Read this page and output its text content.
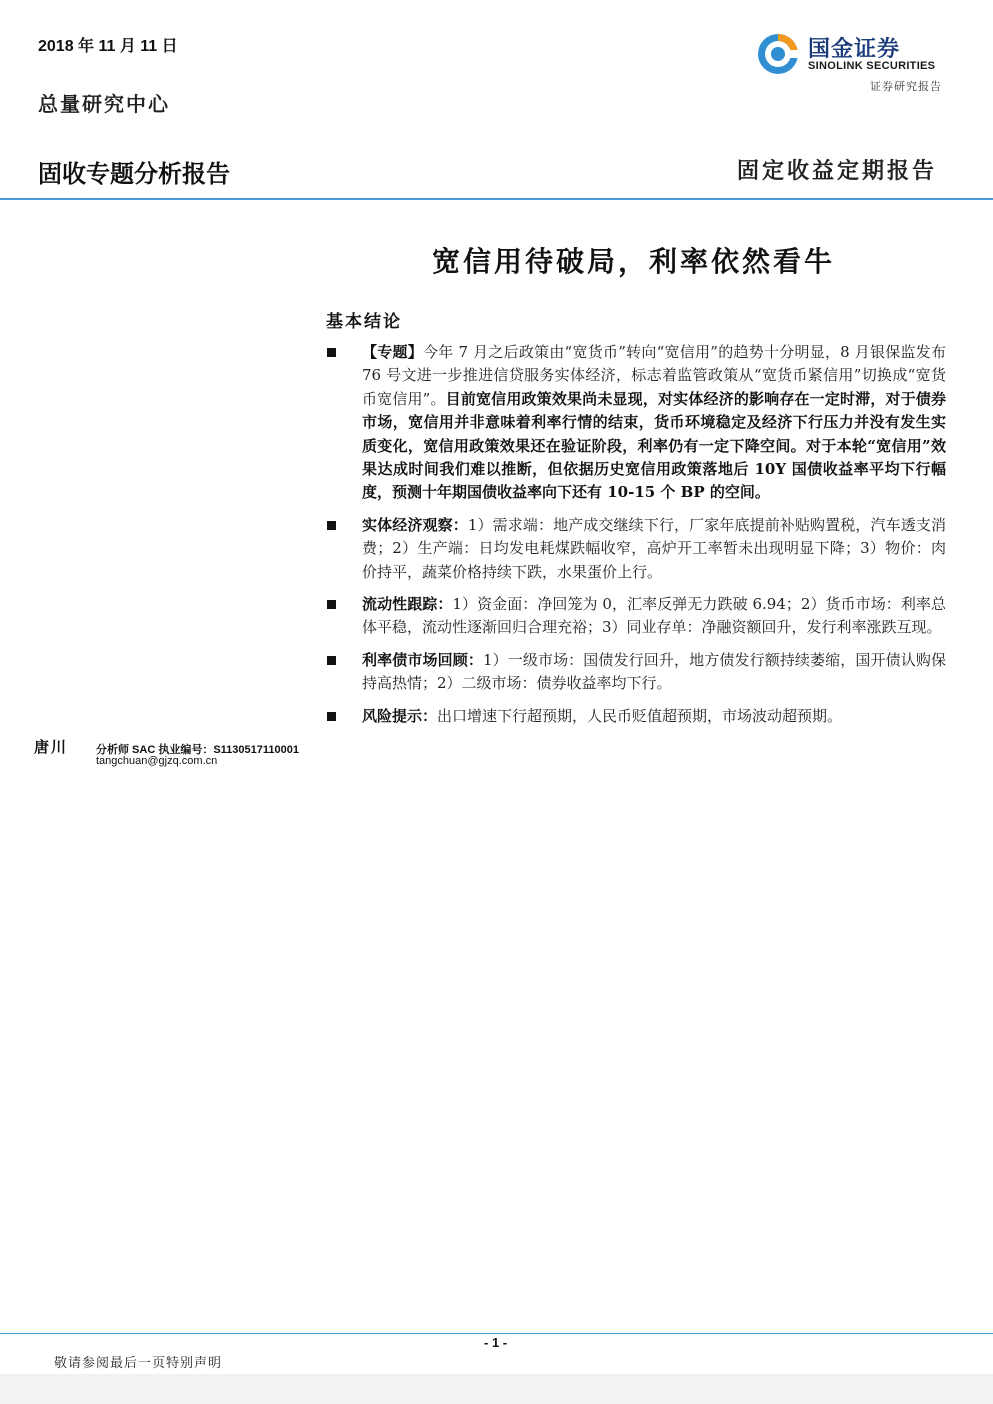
2018 年 11 月 11 日
总量研究中心
国金证券
SINOLINK SECURITIES
证券研究报告
固收专题分析报告	固定收益定期报告
宽信用待破局，利率依然看牛
基本结论
【专题】今年 7 月之后政策由“宽货币”转向“宽信用”的趋势十分明显，8 月银保监发布 76 号文进一步推进信贷服务实体经济，标志着监管政策从“宽货币紧信用”切换成“宽货币宽信用”。目前宽信用政策效果尚未显现，对实体经济的影响存在一定时滞，对于债券市场，宽信用并非意味着利率行情的结束，货币环境稳定及经济下行压力并没有发生实质变化，宽信用政策效果还在验证阶段，利率仍有一定下降空间。对于本轮“宽信用”效果达成时间我们难以推断，但依据历史宽信用政策落地后 10Y 国债收益率平均下行幅度，预测十年期国债收益率向下还有 10-15 个 BP 的空间。
实体经济观察：1）需求端：地产成交继续下行，厂家年底提前补贴购置税，汽车透支消费；2）生产端：日均发电耗煤跌幅收窄，高炉开工率暂未出现明显下降；3）物价：肉价持平，蔬菜价格持续下跌，水果蛋价上行。
流动性跟踪：1）资金面：净回笼为 0，汇率反弹无力跌破 6.94；2）货币市场：利率总体平稳，流动性逐渐回归合理充裕；3）同业存单：净融资额回升，发行利率涨跌互现。
利率债市场回顾：1）一级市场：国债发行回升，地方债发行额持续萎缩，国开债认购保持高热情；2）二级市场：债券收益率均下行。
风险提示：出口增速下行超预期，人民币贬值超预期，市场波动超预期。
唐川	分析师 SAC 执业编号：S1130517110001
tangchuan@gjzq.com.cn
- 1 -
敬请参阅最后一页特别声明
